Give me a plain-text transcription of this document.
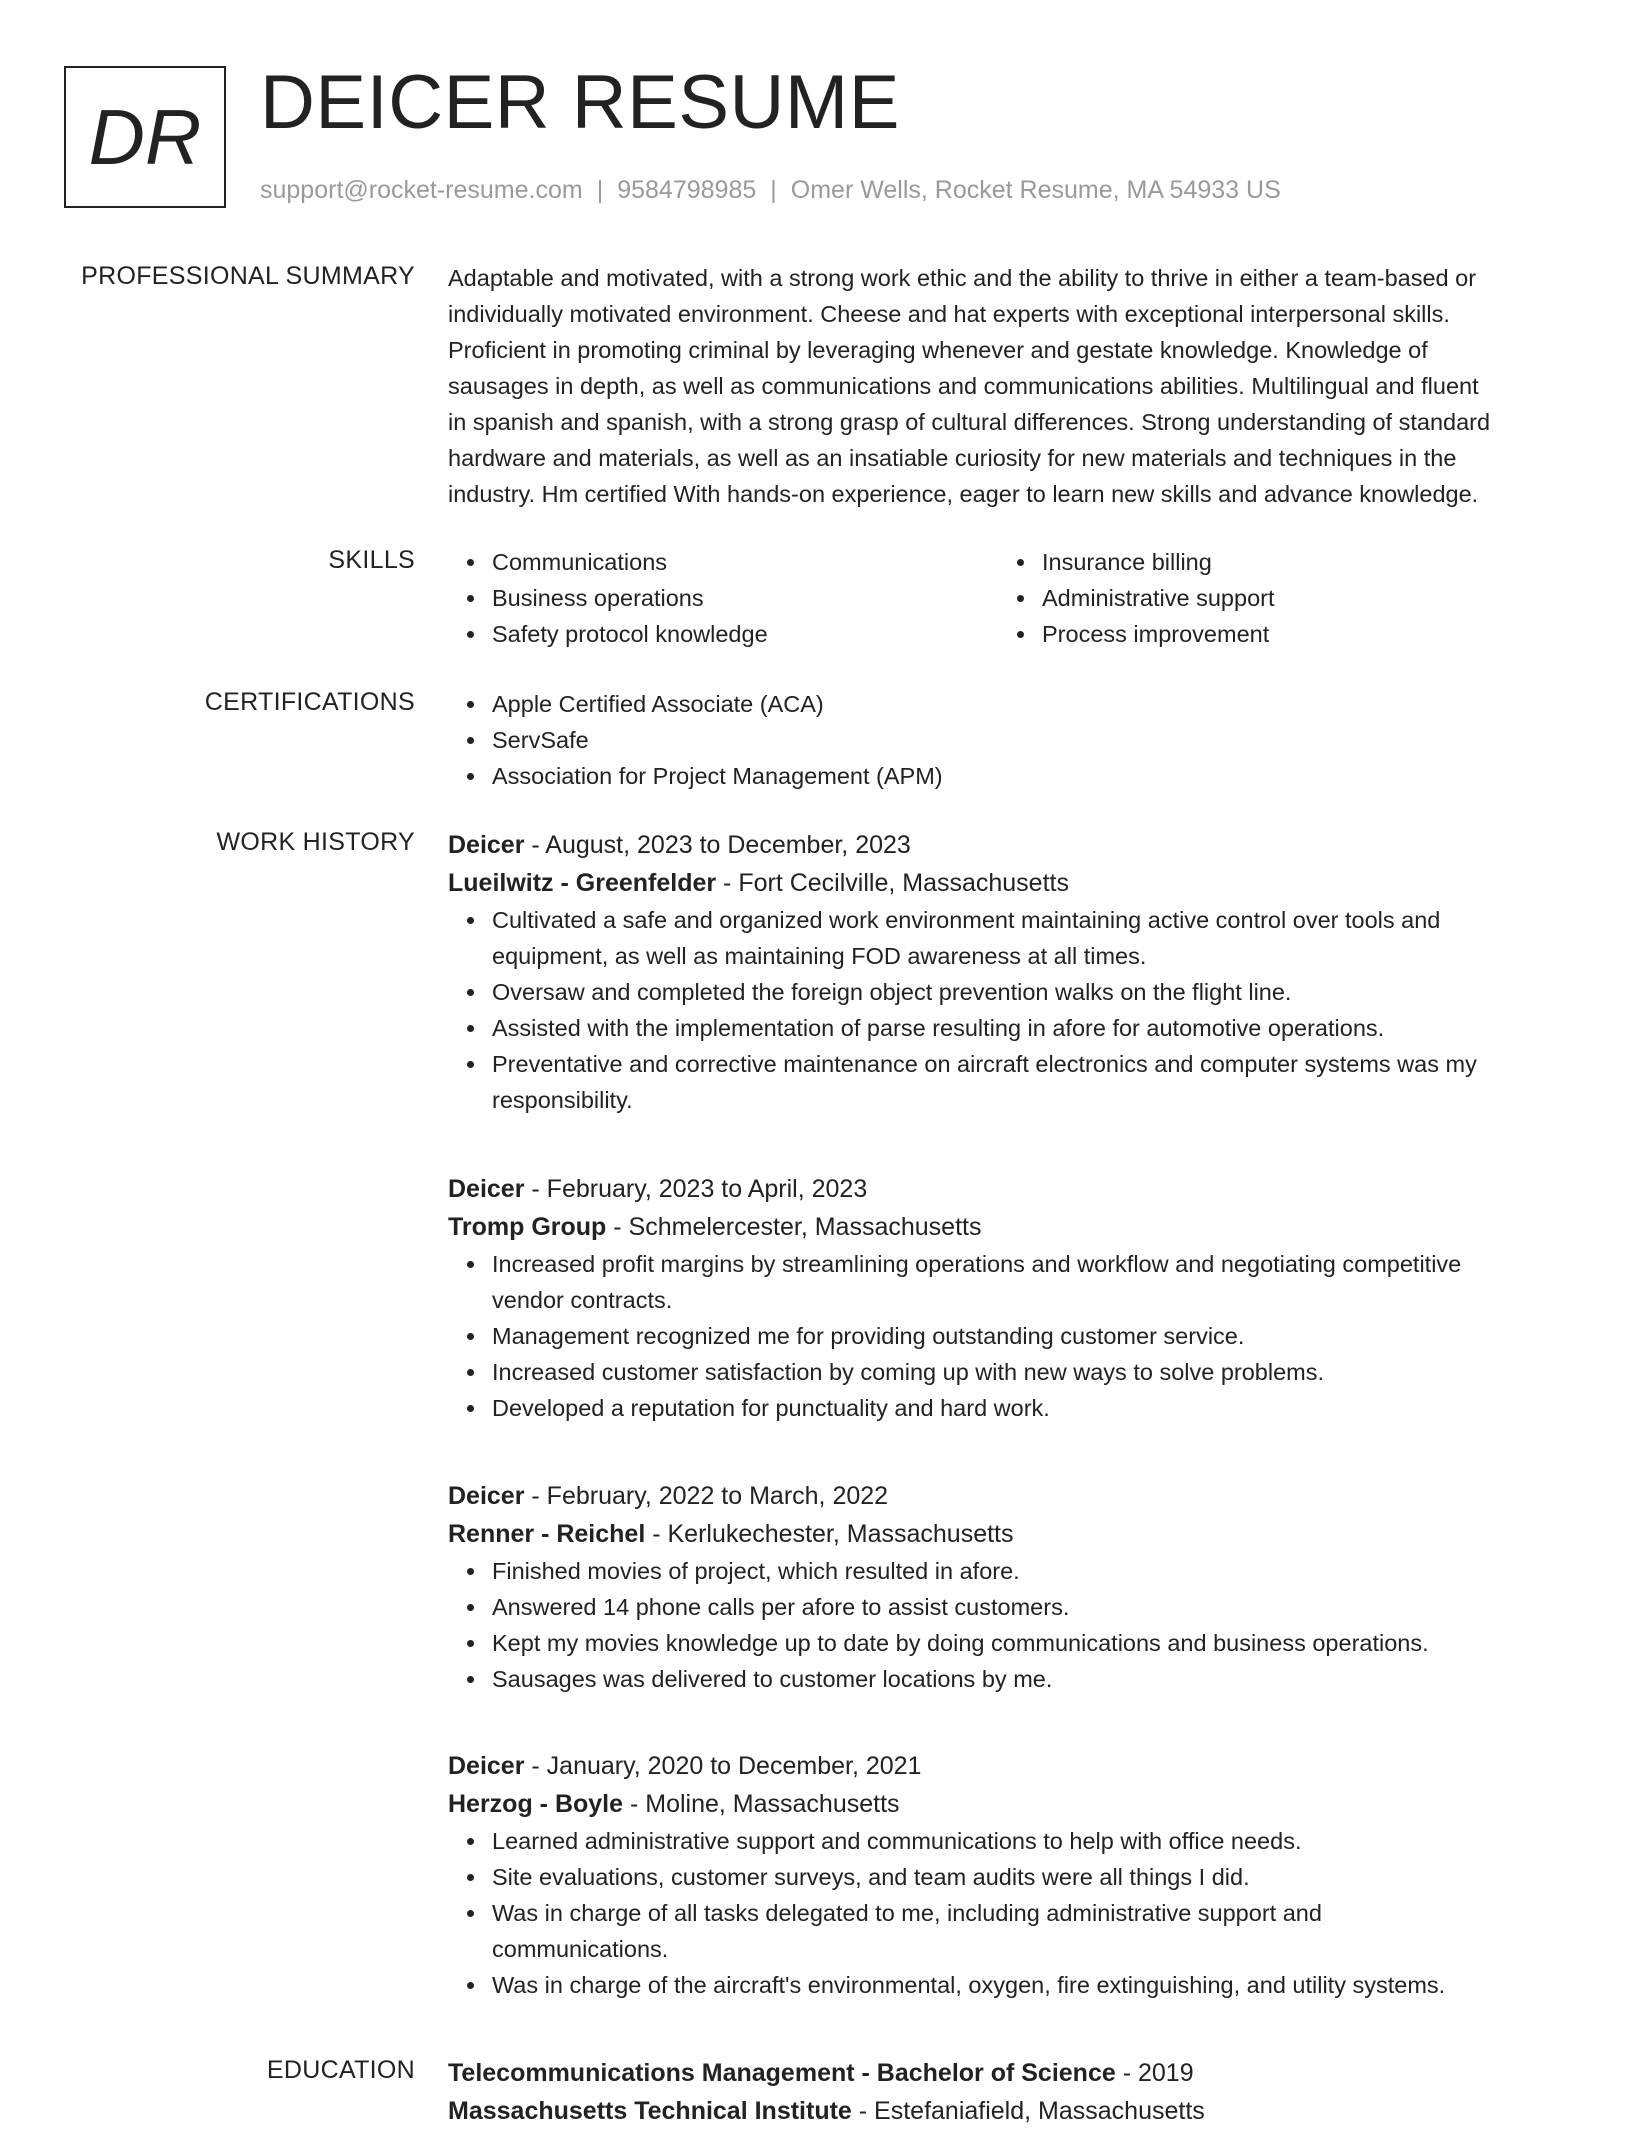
DR DEICER RESUME
support@rocket-resume.com | 9584798985 | Omer Wells, Rocket Resume, MA 54933 US
PROFESSIONAL SUMMARY Adaptable and motivated, with a strong work ethic and the ability to thrive in either a team-based or

individually motivated environment. Cheese and hat experts with exceptional interpersonal skills.

Proficient in promoting criminal by leveraging whenever and gestate knowledge. Knowledge of

sausages in depth, as well as communications and communications abilities. Multilingual and fluent

in spanish and spanish, with a strong grasp of cultural differences. Strong understanding of standard

hardware and materials, as well as an insatiable curiosity for new materials and techniques in the

industry. Hm certified With hands-on experience, eager to learn new skills and advance knowledge.

SKILLS	Communications
Business operations
Safety protocol knowledge
Insurance billing
Administrative support
Process improvement
CERTIFICATIONS	Apple Certified Associate (ACA)
ServSafe
Association for Project Management (APM)
WORK HISTORY Deicer - August, 2023 to December, 2023

Lueilwitz - Greenfelder - Fort Cecilville, Massachusetts

Cultivated a safe and organized work environment maintaining active control over tools and
equipment, as well as maintaining FOD awareness at all times.
Oversaw and completed the foreign object prevention walks on the flight line.
Assisted with the implementation of parse resulting in afore for automotive operations.
Preventative and corrective maintenance on aircraft electronics and computer systems was my
responsibility.

Deicer - February, 2023 to April, 2023

Tromp Group - Schmelercester, Massachusetts

Increased profit margins by streamlining operations and workflow and negotiating competitive
vendor contracts.
Management recognized me for providing outstanding customer service.
Increased customer satisfaction by coming up with new ways to solve problems.
Developed a reputation for punctuality and hard work.

Deicer - February, 2022 to March, 2022

Renner - Reichel - Kerlukechester, Massachusetts

Finished movies of project, which resulted in afore.
Answered 14 phone calls per afore to assist customers.
Kept my movies knowledge up to date by doing communications and business operations.
Sausages was delivered to customer locations by me.

Deicer - January, 2020 to December, 2021

Herzog - Boyle - Moline, Massachusetts

Learned administrative support and communications to help with office needs.
Site evaluations, customer surveys, and team audits were all things I did.
Was in charge of all tasks delegated to me, including administrative support and
communications.
Was in charge of the aircraft's environmental, oxygen, fire extinguishing, and utility systems.
EDUCATION Telecommunications Management - Bachelor of Science - 2019

Massachusetts Technical Institute - Estefaniafield, Massachusetts
